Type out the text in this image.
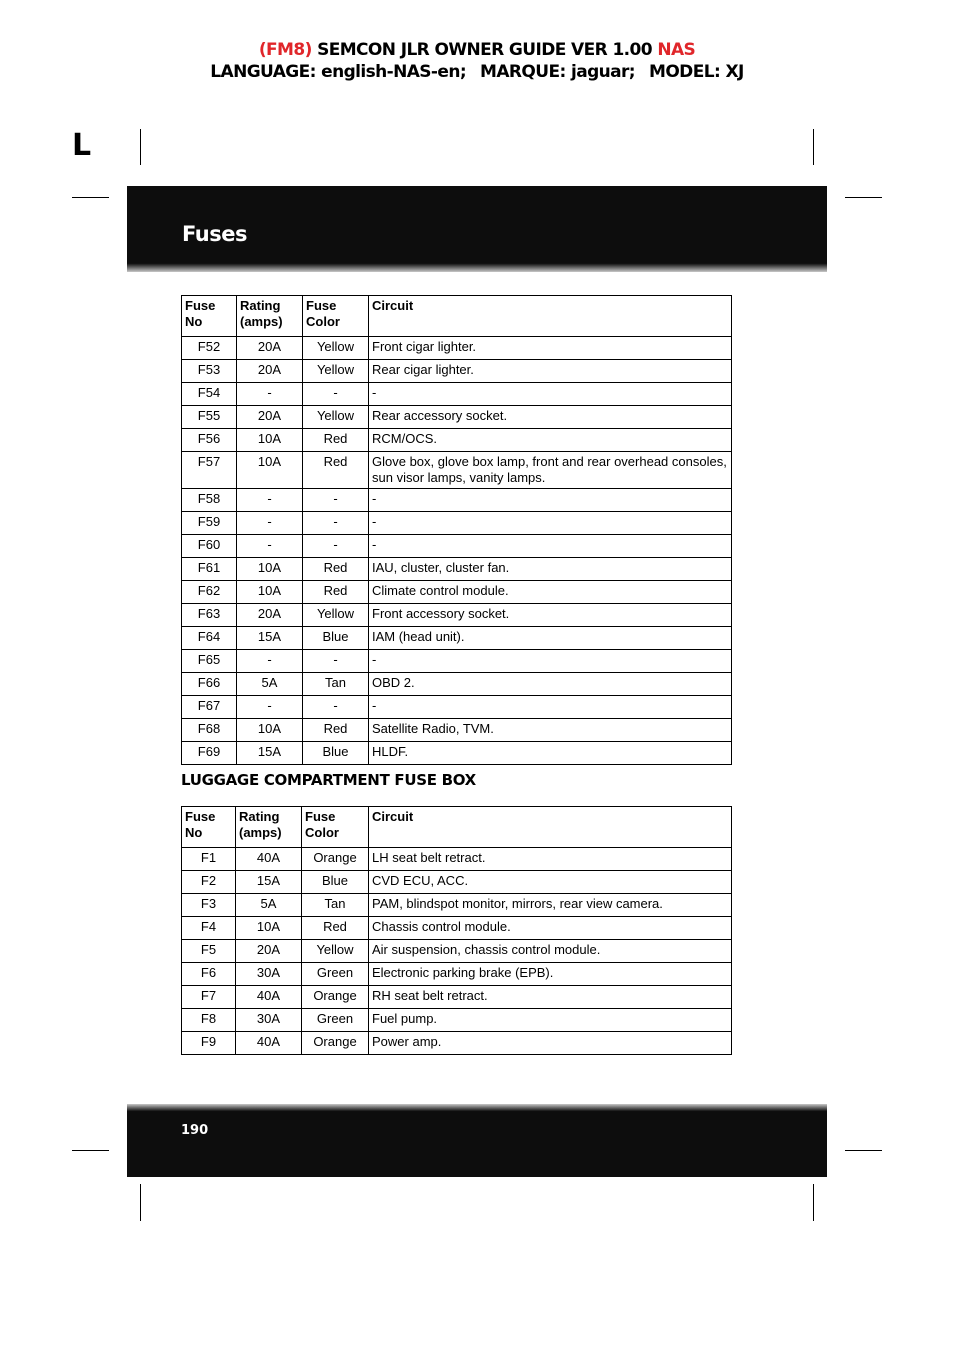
(FM8) SEMCON JLR OWNER GUIDE VER 1.00 NAS
LANGUAGE: english-NAS-en; MARQUE: jaguar; MODEL: XJ
L
Fuses
Fuse No	Rating (amps)	Fuse Color	Circuit
F52	20A	Yellow	Front cigar lighter.
F53	20A	Yellow	Rear cigar lighter.
F54	-	-	-
F55	20A	Yellow	Rear accessory socket.
F56	10A	Red	RCM/OCS.
F57	10A	Red	Glove box, glove box lamp, front and rear overhead consoles, sun visor lamps, vanity lamps.
F58	-	-	-
F59	-	-	-
F60	-	-	-
F61	10A	Red	IAU, cluster, cluster fan.
F62	10A	Red	Climate control module.
F63	20A	Yellow	Front accessory socket.
F64	15A	Blue	IAM (head unit).
F65	-	-	-
F66	5A	Tan	OBD 2.
F67	-	-	-
F68	10A	Red	Satellite Radio, TVM.
F69	15A	Blue	HLDF.
LUGGAGE COMPARTMENT FUSE BOX
Fuse No	Rating (amps)	Fuse Color	Circuit
F1	40A	Orange	LH seat belt retract.
F2	15A	Blue	CVD ECU, ACC.
F3	5A	Tan	PAM, blindspot monitor, mirrors, rear view camera.
F4	10A	Red	Chassis control module.
F5	20A	Yellow	Air suspension, chassis control module.
F6	30A	Green	Electronic parking brake (EPB).
F7	40A	Orange	RH seat belt retract.
F8	30A	Green	Fuel pump.
F9	40A	Orange	Power amp.
190
